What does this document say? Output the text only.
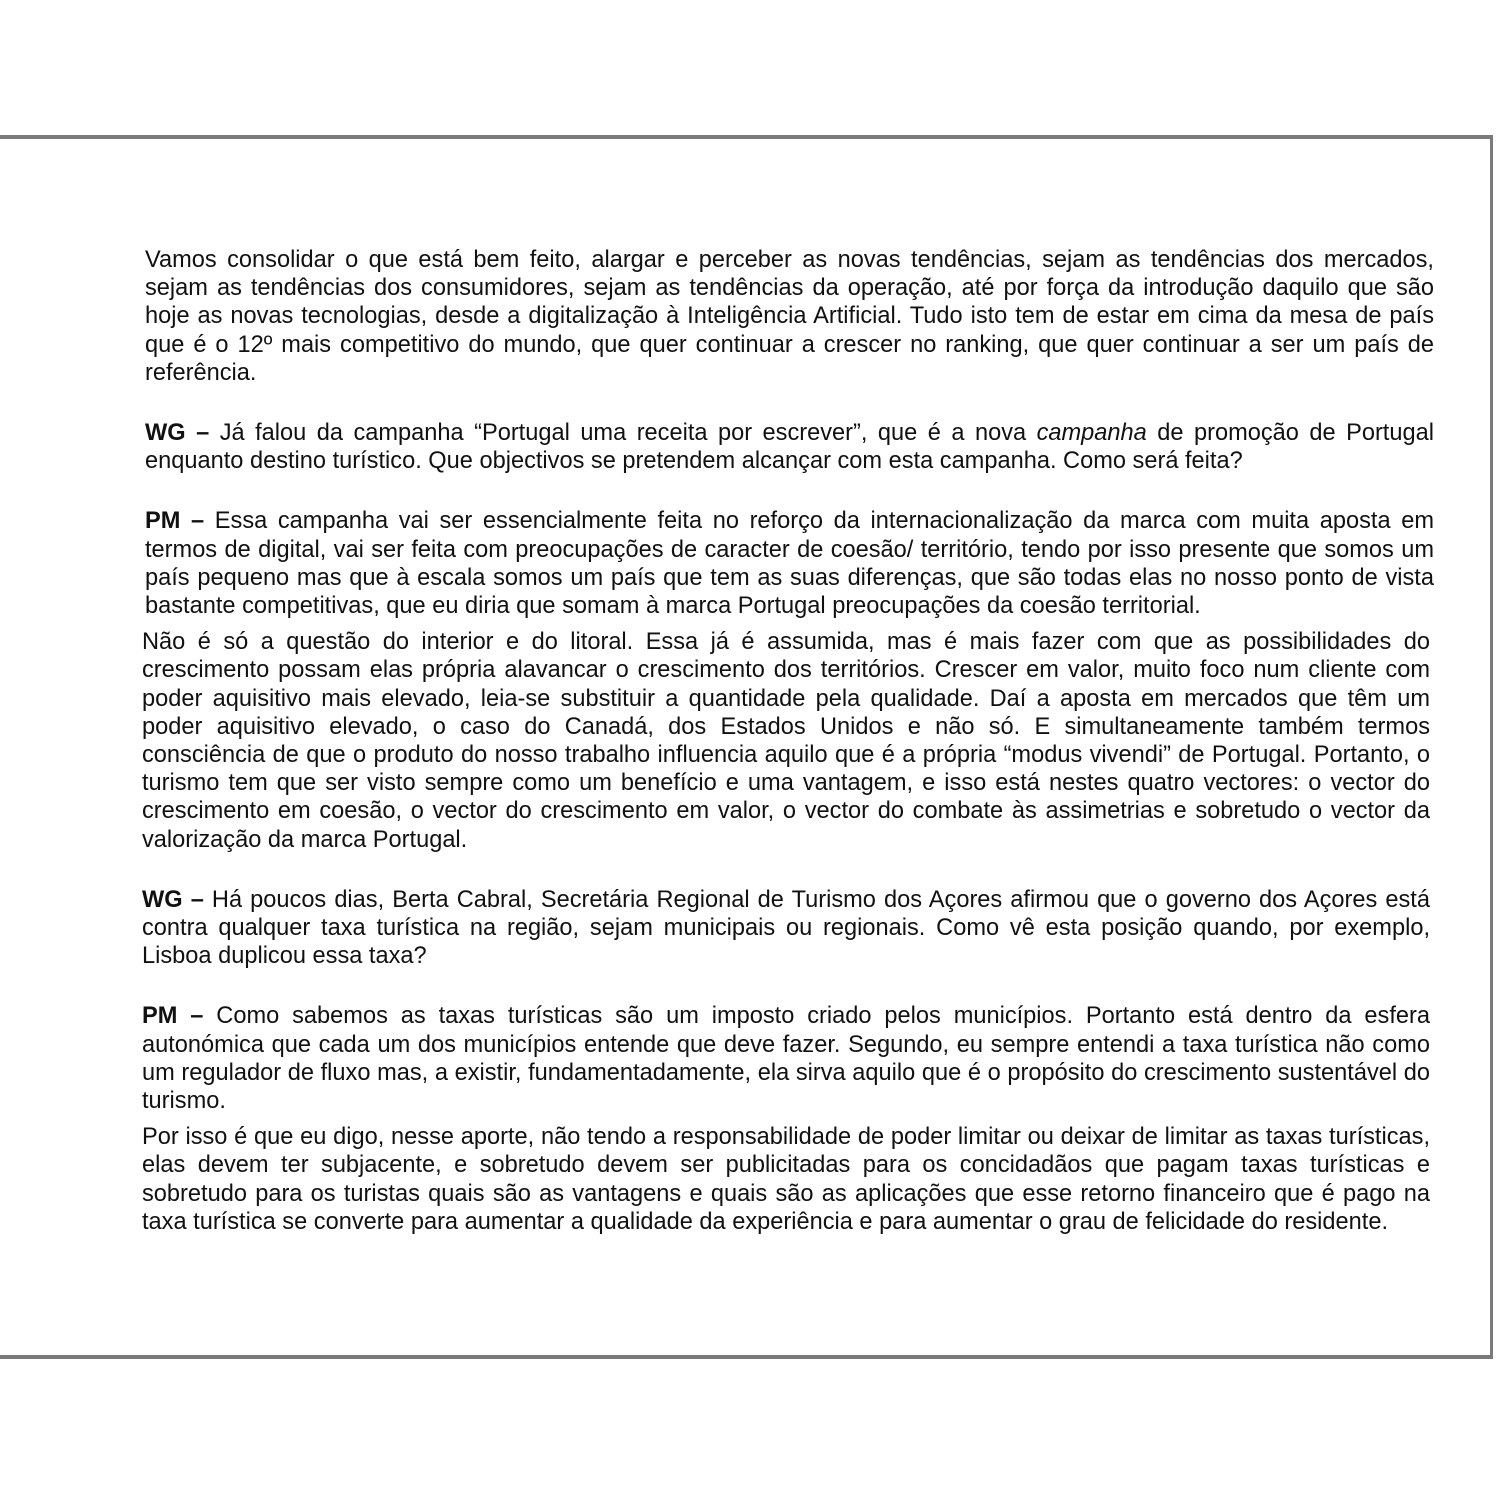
Vamos consolidar o que está bem feito, alargar e perceber as novas tendências, sejam as tendências dos mercados, sejam as tendências dos consumidores, sejam as tendências da operação, até por força da introdução daquilo que são hoje as novas tecnologias, desde a digitalização à Inteligência Artificial. Tudo isto tem de estar em cima da mesa de país que é o 12º mais competitivo do mundo, que quer continuar a crescer no ranking, que quer continuar a ser um país de referência.

WG – Já falou da campanha “Portugal uma receita por escrever”, que é a nova campanha de promoção de Portugal enquanto destino turístico. Que objectivos se pretendem alcançar com esta campanha. Como será feita?

PM – Essa campanha vai ser essencialmente feita no reforço da internacionalização da marca com muita aposta em termos de digital, vai ser feita com preocupações de caracter de coesão/ território, tendo por isso presente que somos um país pequeno mas que à escala somos um país que tem as suas diferenças, que são todas elas no nosso ponto de vista bastante competitivas, que eu diria que somam à marca Portugal preocupações da coesão territorial.

Não é só a questão do interior e do litoral. Essa já é assumida, mas é mais fazer com que as possibilidades do crescimento possam elas própria alavancar o crescimento dos territórios. Crescer em valor, muito foco num cliente com poder aquisitivo mais elevado, leia-se substituir a quantidade pela qualidade. Daí a aposta em mercados que têm um poder aquisitivo elevado, o caso do Canadá, dos Estados Unidos e não só. E simultaneamente também termos consciência de que o produto do nosso trabalho influencia aquilo que é a própria “modus vivendi” de Portugal. Portanto, o turismo tem que ser visto sempre como um benefício e uma vantagem, e isso está nestes quatro vectores: o vector do crescimento em coesão, o vector do crescimento em valor, o vector do combate às assimetrias e sobretudo o vector da valorização da marca Portugal.

WG – Há poucos dias, Berta Cabral, Secretária Regional de Turismo dos Açores afirmou que o governo dos Açores está contra qualquer taxa turística na região, sejam municipais ou regionais. Como vê esta posição quando, por exemplo, Lisboa duplicou essa taxa?

PM – Como sabemos as taxas turísticas são um imposto criado pelos municípios. Portanto está dentro da esfera autonómica que cada um dos municípios entende que deve fazer. Segundo, eu sempre entendi a taxa turística não como um regulador de fluxo mas, a existir, fundamentadamente, ela sirva aquilo que é o propósito do crescimento sustentável do turismo.

Por isso é que eu digo, nesse aporte, não tendo a responsabilidade de poder limitar ou deixar de limitar as taxas turísticas, elas devem ter subjacente, e sobretudo devem ser publicitadas para os concidadãos que pagam taxas turísticas e sobretudo para os turistas quais são as vantagens e quais são as aplicações que esse retorno financeiro que é pago na taxa turística se converte para aumentar a qualidade da experiência e para aumentar o grau de felicidade do residente.
